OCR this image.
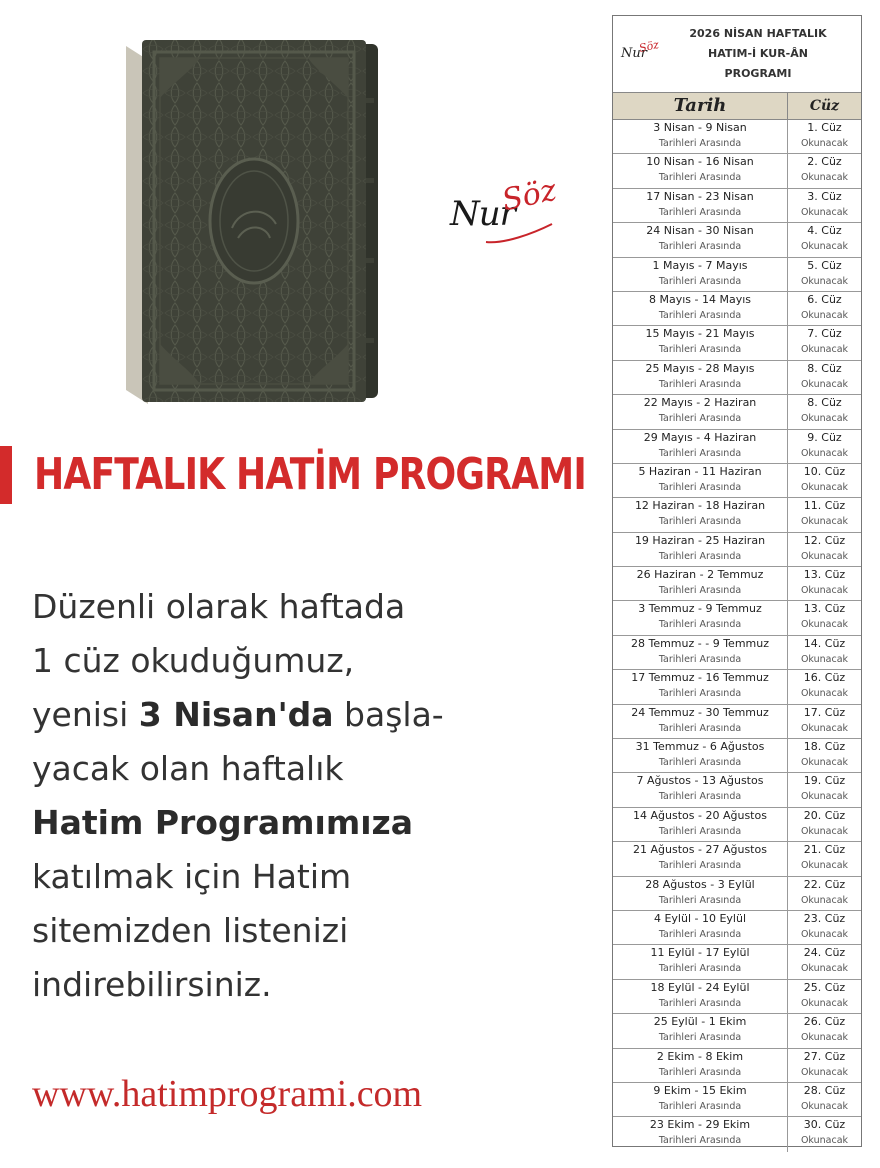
Nur
Söz
HAFTALIK HATİM PROGRAMI
Düzenli olarak haftada
1 cüz okuduğumuz,
yenisi 3 Nisan'da başla-
yacak olan haftalık
Hatim Programımıza
katılmak için Hatim
sitemizden listenizi
indirebilirsiniz.
www.hatimprogrami.com
Nur
Söz
2026 NİSAN HAFTALIK
HATIM-İ KUR-ÂN
PROGRAMI
Tarih	Cüz
3 Nisan - 9 Nisan
Tarihleri Arasında
1. Cüz
Okunacak
10 Nisan - 16 Nisan
Tarihleri Arasında
2. Cüz
Okunacak
17 Nisan - 23 Nisan
Tarihleri Arasında
3. Cüz
Okunacak
24 Nisan - 30 Nisan
Tarihleri Arasında
4. Cüz
Okunacak
1 Mayıs - 7 Mayıs
Tarihleri Arasında
5. Cüz
Okunacak
8 Mayıs - 14 Mayıs
Tarihleri Arasında
6. Cüz
Okunacak
15 Mayıs - 21 Mayıs
Tarihleri Arasında
7. Cüz
Okunacak
25 Mayıs - 28 Mayıs
Tarihleri Arasında
8. Cüz
Okunacak
22 Mayıs - 2 Haziran
Tarihleri Arasında
8. Cüz
Okunacak
29 Mayıs - 4 Haziran
Tarihleri Arasında
9. Cüz
Okunacak
5 Haziran - 11 Haziran
Tarihleri Arasında
10. Cüz
Okunacak
12 Haziran - 18 Haziran
Tarihleri Arasında
11. Cüz
Okunacak
19 Haziran - 25 Haziran
Tarihleri Arasında
12. Cüz
Okunacak
26 Haziran - 2 Temmuz
Tarihleri Arasında
13. Cüz
Okunacak
3 Temmuz - 9 Temmuz
Tarihleri Arasında
13. Cüz
Okunacak
28 Temmuz - - 9 Temmuz
Tarihleri Arasında
14. Cüz
Okunacak
17 Temmuz - 16 Temmuz
Tarihleri Arasında
16. Cüz
Okunacak
24 Temmuz - 30 Temmuz
Tarihleri Arasında
17. Cüz
Okunacak
31 Temmuz - 6 Ağustos
Tarihleri Arasında
18. Cüz
Okunacak
7 Ağustos - 13 Ağustos
Tarihleri Arasında
19. Cüz
Okunacak
14 Ağustos - 20 Ağustos
Tarihleri Arasında
20. Cüz
Okunacak
21 Ağustos - 27 Ağustos
Tarihleri Arasında
21. Cüz
Okunacak
28 Ağustos - 3 Eylül
Tarihleri Arasında
22. Cüz
Okunacak
4 Eylül - 10 Eylül
Tarihleri Arasında
23. Cüz
Okunacak
11 Eylül - 17 Eylül
Tarihleri Arasında
24. Cüz
Okunacak
18 Eylül - 24 Eylül
Tarihleri Arasında
25. Cüz
Okunacak
25 Eylül - 1 Ekim
Tarihleri Arasında
26. Cüz
Okunacak
2 Ekim - 8 Ekim
Tarihleri Arasında
27. Cüz
Okunacak
9 Ekim - 15 Ekim
Tarihleri Arasında
28. Cüz
Okunacak
23 Ekim - 29 Ekim
Tarihleri Arasında
30. Cüz
Okunacak
